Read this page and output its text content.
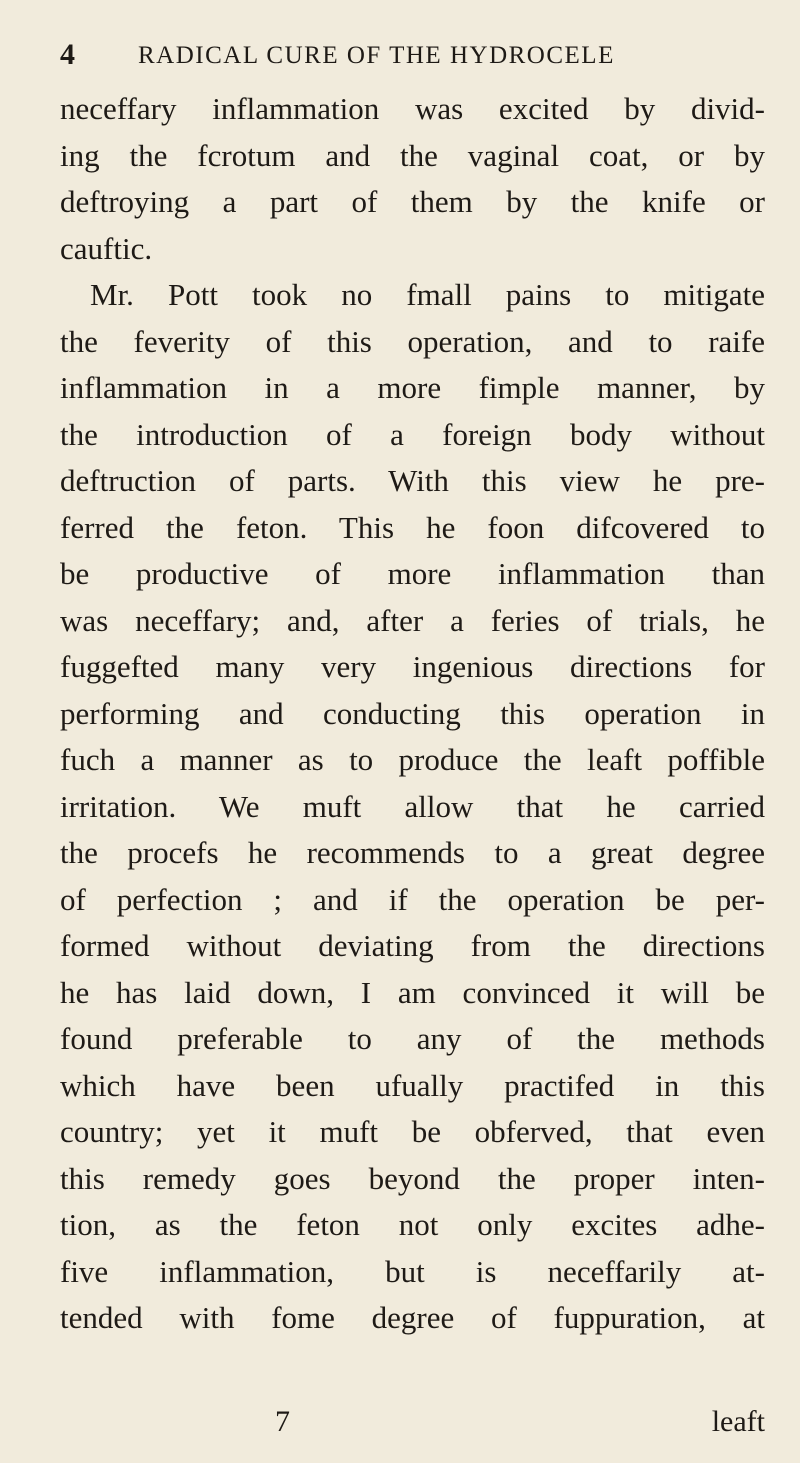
4	RADICAL CURE OF THE HYDROCELE
neceffary inflammation was excited by divid-
ing the fcrotum and the vaginal coat, or by
deftroying a part of them by the knife or
cauftic.
Mr. Pott took no fmall pains to mitigate
the feverity of this operation, and to raife
inflammation in a more fimple manner, by
the introduction of a foreign body without
deftruction of parts. With this view he pre-
ferred the feton. This he foon difcovered to
be productive of more inflammation than
was neceffary; and, after a feries of trials, he
fuggefted many very ingenious directions for
performing and conducting this operation in
fuch a manner as to produce the leaft poffible
irritation. We muft allow that he carried
the procefs he recommends to a great degree
of perfection ; and if the operation be per-
formed without deviating from the directions
he has laid down, I am convinced it will be
found preferable to any of the methods
which have been ufually practifed in this
country; yet it muft be obferved, that even
this remedy goes beyond the proper inten-
tion, as the feton not only excites adhe-
five inflammation, but is neceffarily at-
tended with fome degree of fuppuration, at
7	leaft
